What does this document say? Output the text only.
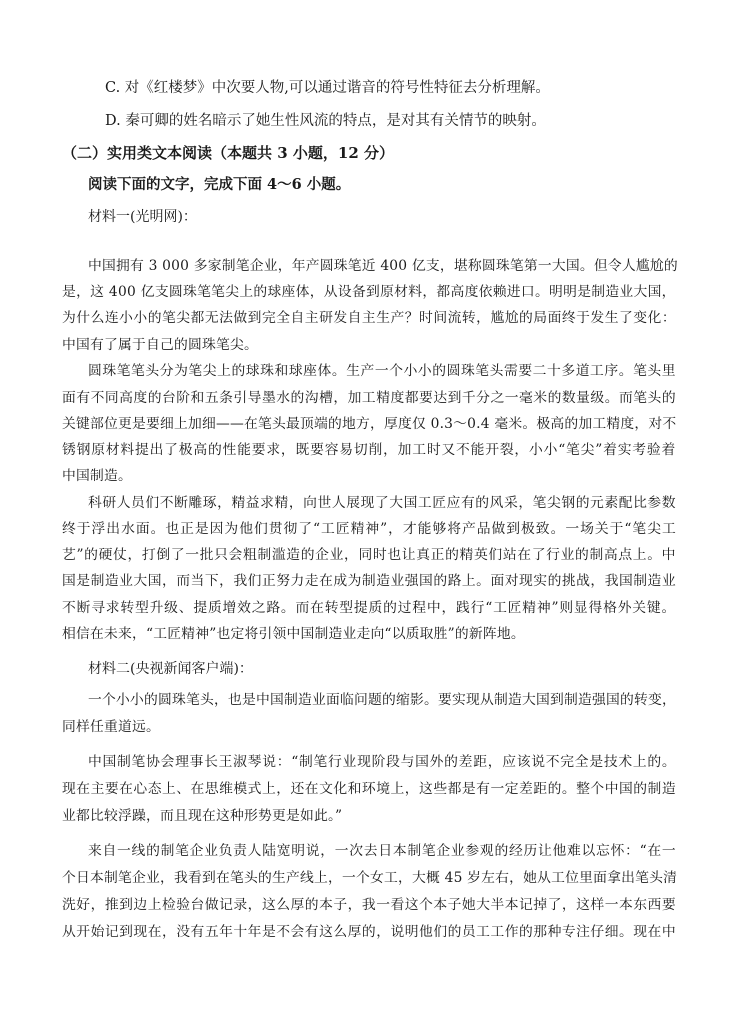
C. 对《红楼梦》中次要人物,可以通过谐音的符号性特征去分析理解。
D. 秦可卿的姓名暗示了她生性风流的特点，是对其有关情节的映射。
（二）实用类文本阅读（本题共 3 小题，12 分）
阅读下面的文字，完成下面 4～6 小题。
材料一(光明网)：
中 国 拥 有
3
0 0 0
多 家 制 笔 企 业 ， 年 产 圆 珠 笔 近
4 0 0
亿 支 ， 堪 称 圆 珠 笔 第 一 大 国 。 但 令 人 尴 尬 的
是 ， 这
4 0 0
亿 支 圆 珠 笔 笔 尖 上 的 球 座 体 ， 从 设 备 到 原 材 料 ， 都 高 度 依 赖 进 口 。 明 明 是 制 造 业 大 国 ，
为 什 么 连 小 小 的 笔 尖 都 无 法 做 到 完 全 自 主 研 发 自 主 生 产 ？ 时 间 流 转 ， 尴 尬 的 局 面 终 于 发 生 了 变 化 ：
中国有了属于自己的圆珠笔尖。
圆 珠 笔 笔 头 分 为 笔 尖 上 的 球 珠 和 球 座 体 。 生 产 一 个 小 小 的 圆 珠 笔 头 需 要 二 十 多 道 工 序 。 笔 头 里
面 有 不 同 高 度 的 台 阶 和 五 条 引 导 墨 水 的 沟 槽 ， 加 工 精 度 都 要 达 到 千 分 之 一 毫 米 的 数 量 级 。 而 笔 头 的
关 键 部 位 更 是 要 细 上 加 细 — — 在 笔 头 最 顶 端 的 地 方 ， 厚 度 仅
0 . 3 ～ 0 . 4
毫 米 。 极 高 的 加 工 精 度 ， 对 不
锈 钢 原 材 料 提 出 了 极 高 的 性 能 要 求 ， 既 要 容 易 切 削 ， 加 工 时 又 不 能 开 裂 ， 小 小 “ 笔 尖 ” 着 实 考 验 着
中国制造。
科 研 人 员 们 不 断 雕 琢 ， 精 益 求 精 ， 向 世 人 展 现 了 大 国 工 匠 应 有 的 风 采 ， 笔 尖 钢 的 元 素 配 比 参 数
终 于 浮 出 水 面 。 也 正 是 因 为 他 们 贯 彻 了 “ 工 匠 精 神 ” ， 才 能 够 将 产 品 做 到 极 致 。 一 场 关 于 “ 笔 尖 工
艺 ” 的 硬 仗 ， 打 倒 了 一 批 只 会 粗 制 滥 造 的 企 业 ， 同 时 也 让 真 正 的 精 英 们 站 在 了 行 业 的 制 高 点 上 。 中
国 是 制 造 业 大 国 ， 而 当 下 ， 我 们 正 努 力 走 在 成 为 制 造 业 强 国 的 路 上 。 面 对 现 实 的 挑 战 ， 我 国 制 造 业
不 断 寻 求 转 型 升 级 、 提 质 增 效 之 路 。 而 在 转 型 提 质 的 过 程 中 ， 践 行 “ 工 匠 精 神 ” 则 显 得 格 外 关 键 。
相信在未来，“工匠精神”也定将引领中国制造业走向“以质取胜”的新阵地。
材料二(央视新闻客户端)：
一 个 小 小 的 圆 珠 笔 头 ， 也 是 中 国 制 造 业 面 临 问 题 的 缩 影 。 要 实 现 从 制 造 大 国 到 制 造 强 国 的 转 变 ，
同样任重道远。
中 国 制 笔 协 会 理 事 长 王 淑 琴 说 ： “ 制 笔 行 业 现 阶 段 与 国 外 的 差 距 ， 应 该 说 不 完 全 是 技 术 上 的 。
现 在 主 要 在 心 态 上 、 在 思 维 模 式 上 ， 还 在 文 化 和 环 境 上 ， 这 些 都 是 有 一 定 差 距 的 。 整 个 中 国 的 制 造
业都比较浮躁，而且现在这种形势更是如此。”
来 自 一 线 的 制 笔 企 业 负 责 人 陆 宽 明 说 ， 一 次 去 日 本 制 笔 企 业 参 观 的 经 历 让 他 难 以 忘 怀 ： “ 在 一
个 日 本 制 笔 企 业 ， 我 看 到 在 笔 头 的 生 产 线 上 ， 一 个 女 工 ， 大 概
4 5
岁 左 右 ， 她 从 工 位 里 面 拿 出 笔 头 清
洗 好 ， 推 到 边 上 检 验 台 做 记 录 ， 这 么 厚 的 本 子 ， 我 一 看 这 个 本 子 她 大 半 本 记 掉 了 ， 这 样 一 本 东 西 要
从 开 始 记 到 现 在 ， 没 有 五 年 十 年 是 不 会 有 这 么 厚 的 ， 说 明 他 们 的 员 工 工 作 的 那 种 专 注 仔 细 。 现 在 中
